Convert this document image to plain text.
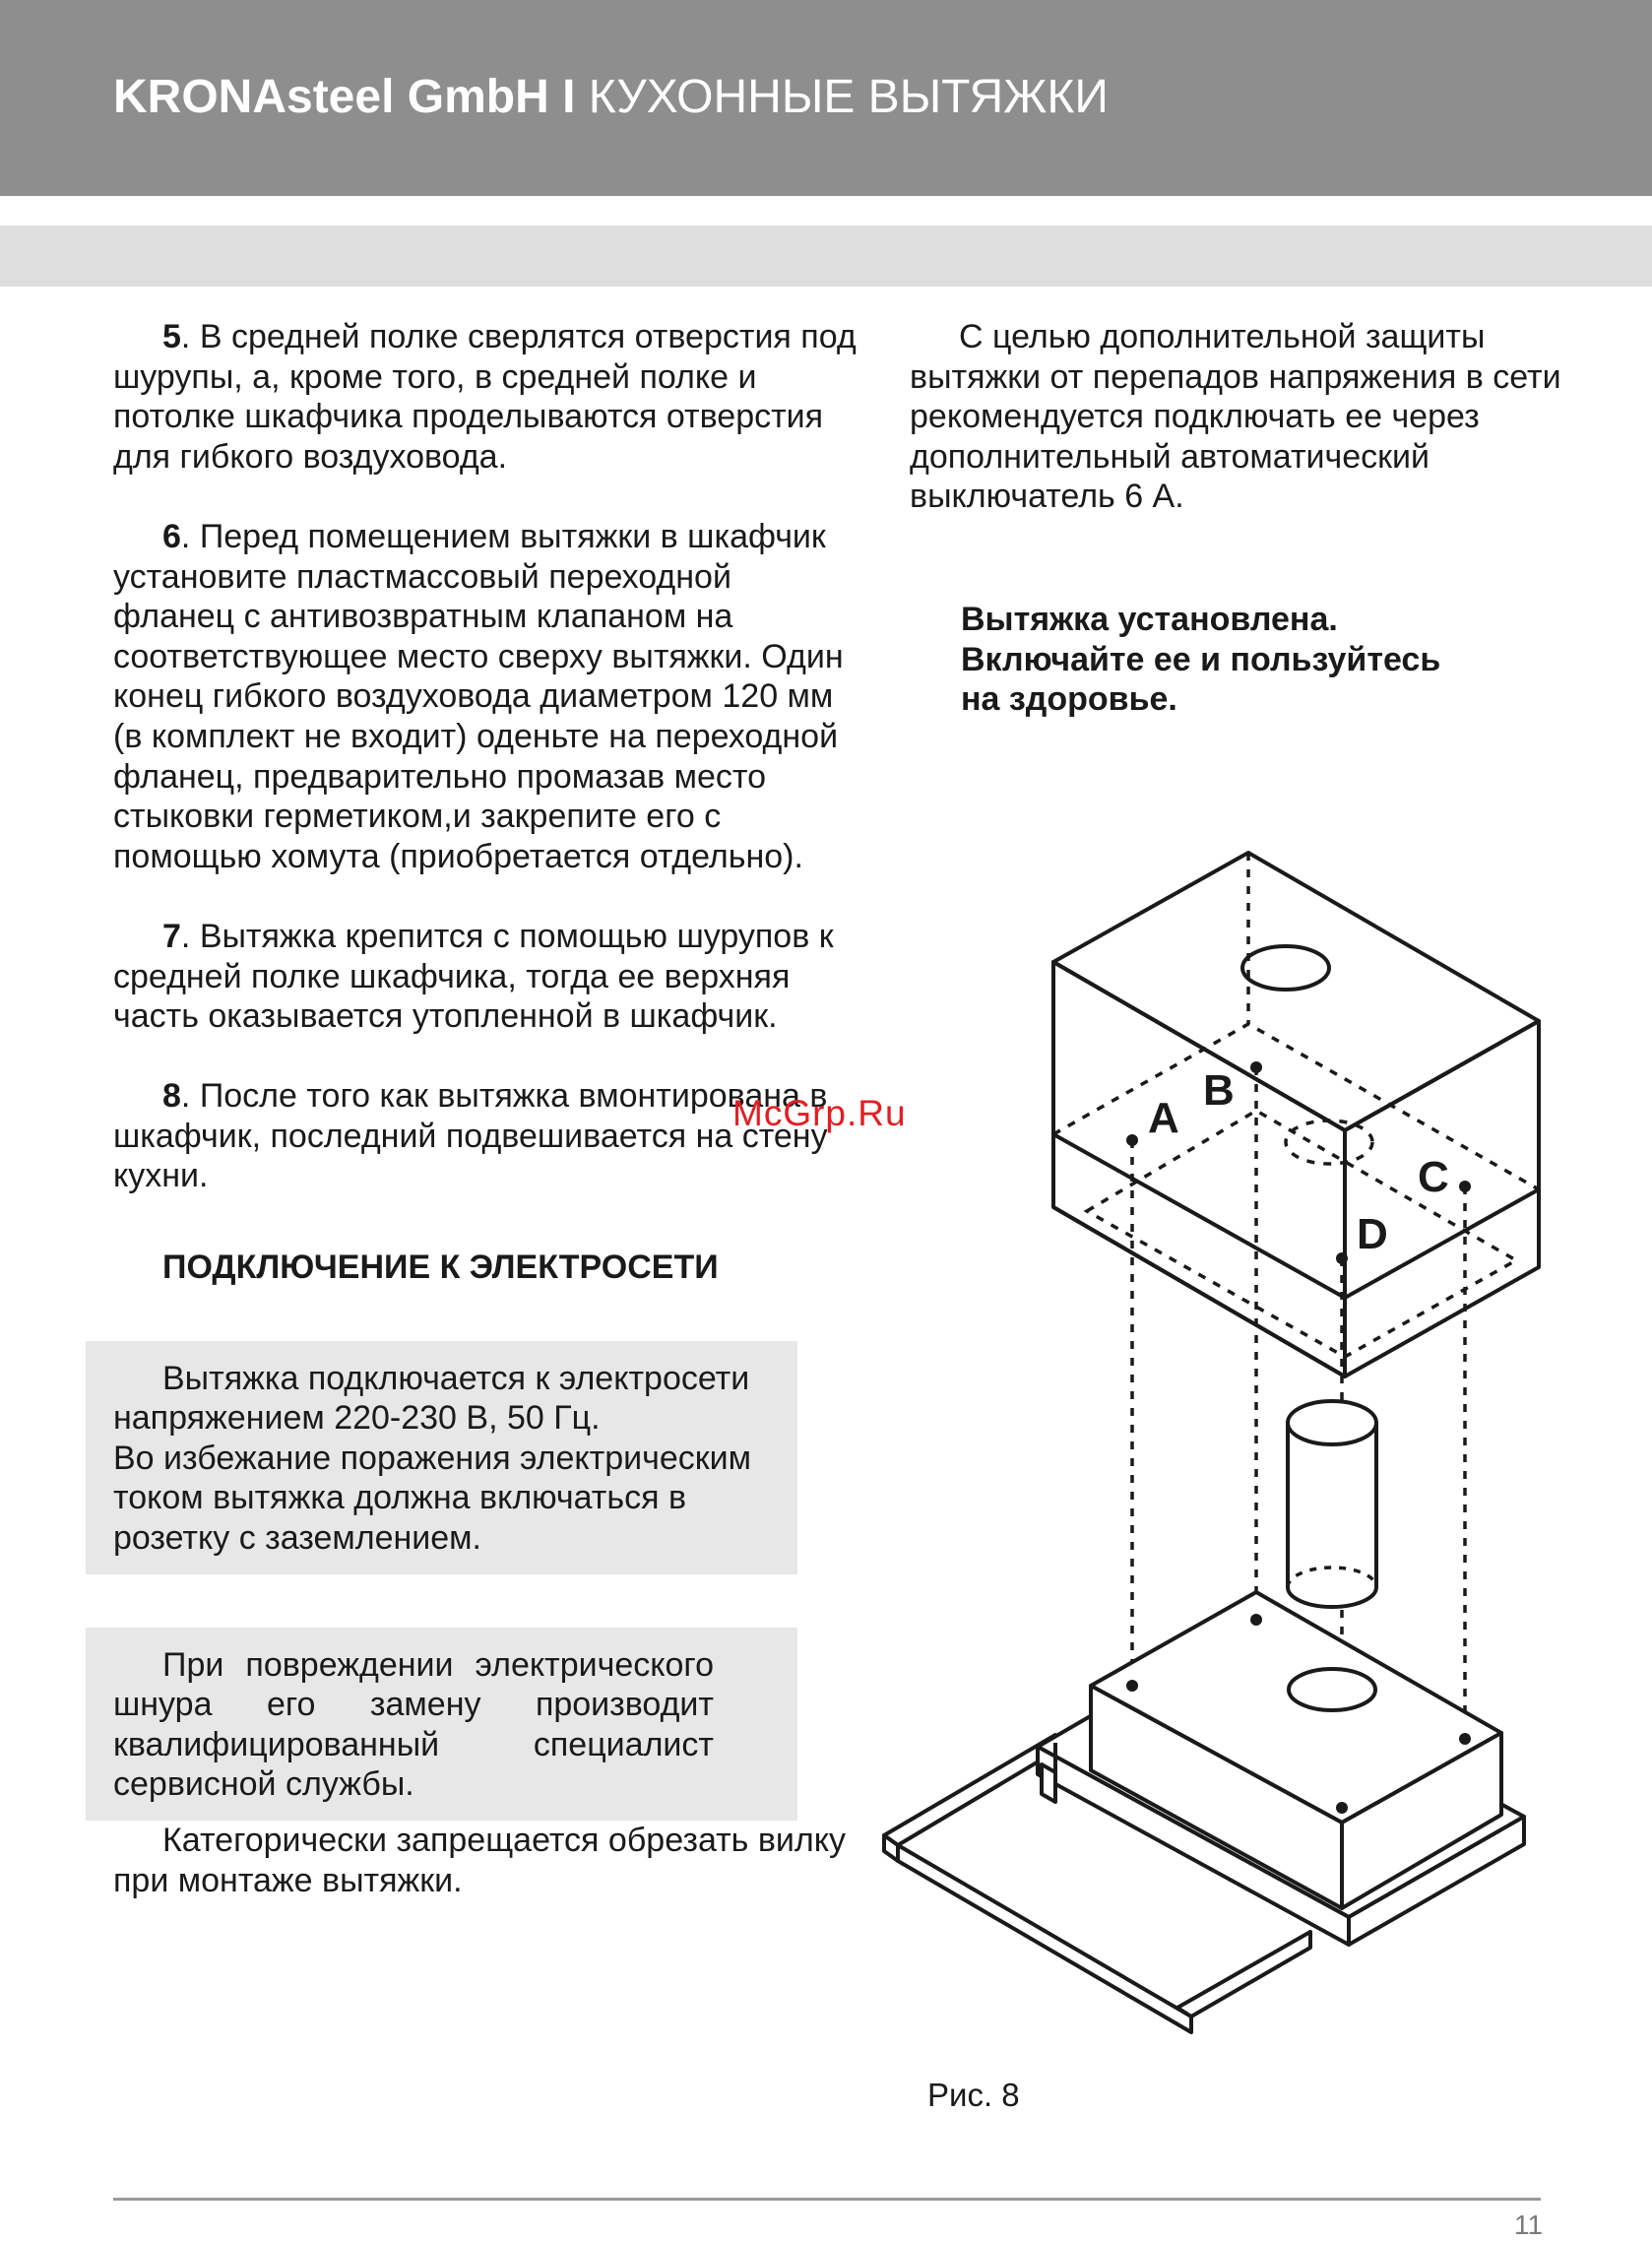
KRONAsteel GmbH I КУХОННЫЕ ВЫТЯЖКИ

5. В средней полке сверлятся отверстия под шурупы, а, кроме того, в средней полке и потолке шкафчика проделываются отверстия для гибкого воздуховода.

6. Перед помещением вытяжки в шкафчик установите пластмассовый переходной фланец с антивозвратным клапаном на соответствующее место сверху вытяжки. Один конец гибкого воздуховода диаметром 120 мм (в комплект не входит) оденьте на переходной фланец, предварительно промазав место стыковки герметиком,и закрепите его с помощью хомута (приобретается отдельно).

7. Вытяжка крепится с помощью шурупов к средней полке шкафчика, тогда ее верхняя часть оказывается утопленной в шкафчик.

8. После того как вытяжка вмонтирована в шкафчик, последний подвешивается на стену кухни.

ПОДКЛЮЧЕНИЕ К ЭЛЕКТРОСЕТИ

Вытяжка подключается к электросети напряжением 220-230 В, 50 Гц.

Во избежание поражения электрическим током вытяжка должна включаться в розетку с заземлением.

При повреждении электрического шнура его замену производит квалифицированный специалист сервисной службы.

Категорически запрещается обрезать вилку при монтаже вытяжки.

С целью дополнительной защиты вытяжки от перепадов напряжения в сети рекомендуется подключать ее через дополнительный автоматический выключатель 6 А.

Вытяжка установлена.
Включайте ее и пользуйтесь
на здоровье.
A
B
C
D
Рис. 8
McGrp.Ru
11
